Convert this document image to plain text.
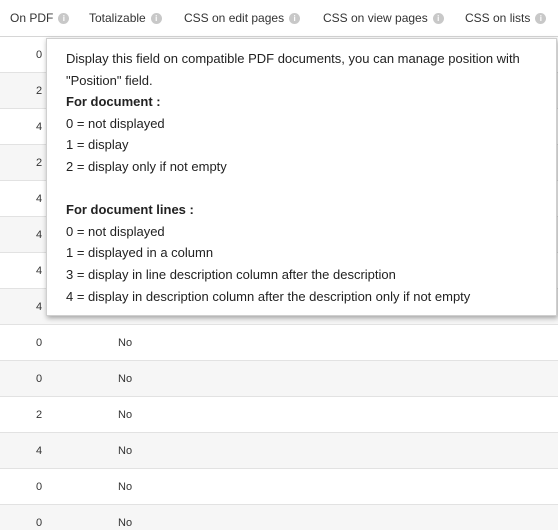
On PDF	i	Totalizable	i	CSS on edit pages	i	CSS on view pages	i	CSS on lists	i
0
2
4
2
4
4
4
4
0	No
0	No
2	No
4	No
0	No
0	No
Display this field on compatible PDF documents, you can manage position with
"Position" field.
For document :
0 = not displayed
1 = display
2 = display only if not empty
For document lines :
0 = not displayed
1 = displayed in a column
3 = display in line description column after the description
4 = display in description column after the description only if not empty
